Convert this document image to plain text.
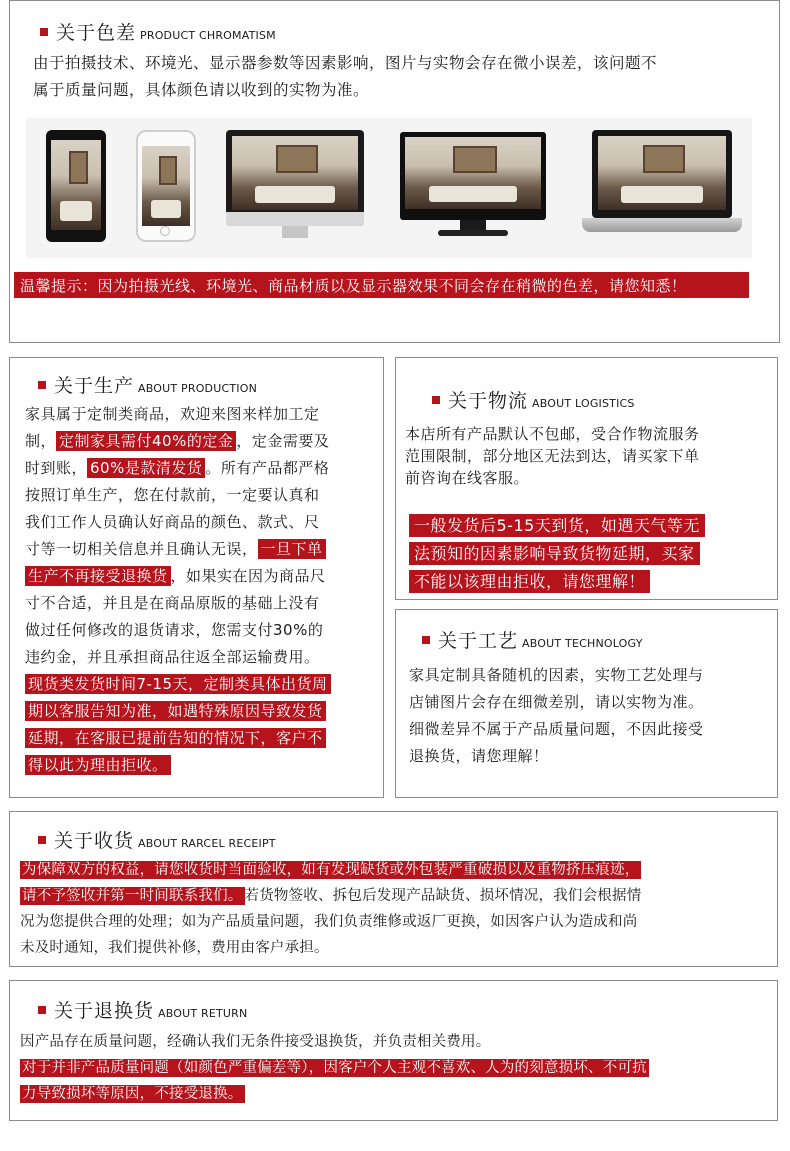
关于色差 PRODUCT CHROMATISM
由于拍摄技术、环境光、显示器参数等因素影响，图片与实物会存在微小误差，该问题不
属于质量问题，具体颜色请以收到的实物为准。
温馨提示：因为拍摄光线、环境光、商品材质以及显示器效果不同会存在稍微的色差，请您知悉！
关于生产 ABOUT PRODUCTION
家具属于定制类商品，欢迎来图来样加工定
制， 定制家具需付40%的定金 ，定金需要及
时到账， 60%是款清发货 。所有产品都严格
按照订单生产，您在付款前，一定要认真和
我们工作人员确认好商品的颜色、款式、尺
寸等一切相关信息并且确认无误， 一旦下单
生产不再接受退换货 ，如果实在因为商品尺
寸不合适，并且是在商品原版的基础上没有
做过任何修改的退货请求，您需支付30%的
违约金，并且承担商品往返全部运输费用。
现货类发货时间7-15天，定制类具体出货周
期以客服告知为准，如遇特殊原因导致发货
延期，在客服已提前告知的情况下，客户不
得以此为理由拒收。
关于物流 ABOUT LOGISTICS
本店所有产品默认不包邮，受合作物流服务
范围限制，部分地区无法到达，请买家下单
前咨询在线客服。
一般发货后5-15天到货，如遇天气等无
法预知的因素影响导致货物延期，买家
不能以该理由拒收，请您理解！
关于工艺 ABOUT TECHNOLOGY
家具定制具备随机的因素，实物工艺处理与
店铺图片会存在细微差别，请以实物为准。
细微差异不属于产品质量问题，不因此接受
退换货，请您理解！
关于收货 ABOUT RARCEL RECEIPT
为保障双方的权益，请您收货时当面验收，如有发现缺货或外包装严重破损以及重物挤压痕迹，
请不予签收并第一时间联系我们。 若货物签收、拆包后发现产品缺货、损坏情况，我们会根据情
况为您提供合理的处理；如为产品质量问题，我们负责维修或返厂更换，如因客户认为造成和尚
未及时通知，我们提供补修，费用由客户承担。
关于退换货 ABOUT RETURN
因产品存在质量问题，经确认我们无条件接受退换货，并负责相关费用。
对于并非产品质量问题（如颜色严重偏差等），因客户个人主观不喜欢、人为的刻意损坏、不可抗
力导致损坏等原因，不接受退换。
